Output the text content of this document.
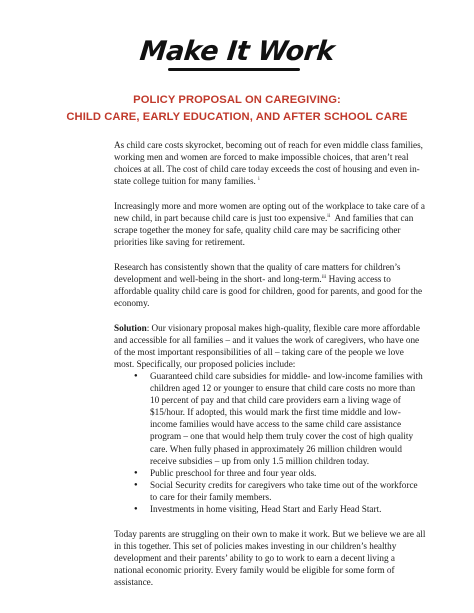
Make It Work
POLICY PROPOSAL ON CAREGIVING:
CHILD CARE, EARLY EDUCATION, AND AFTER SCHOOL CARE

As child care costs skyrocket, becoming out of reach for even middle class families, working men and women are forced to make impossible choices, that aren’t real choices at all. The cost of child care today exceeds the cost of housing and even in-state college tuition for many families. $^i$

Increasingly more and more women are opting out of the workplace to take care of a new child, in part because child care is just too expensive.$^{ii}$ And families that can scrape together the money for safe, quality child care may be sacrificing other priorities like saving for retirement.

Research has consistently shown that the quality of care matters for children’s development and well-being in the short- and long-term.$^{iii}$ Having access to affordable quality child care is good for children, good for parents, and good for the economy.

Solution: Our visionary proposal makes high-quality, flexible care more affordable and accessible for all families – and it values the work of caregivers, who have one of the most important responsibilities of all – taking care of the people we love most. Specifically, our proposed policies include:

● Guaranteed child care subsidies for middle- and low-income families with children aged 12 or younger to ensure that child care costs no more than 10 percent of pay and that child care providers earn a living wage of $15/hour. If adopted, this would mark the first time middle and low-income families would have access to the same child care assistance program – one that would help them truly cover the cost of high quality care. When fully phased in approximately 26 million children would receive subsidies – up from only 1.5 million children today.
● Public preschool for three and four year olds.
● Social Security credits for caregivers who take time out of the workforce to care for their family members.
● Investments in home visiting, Head Start and Early Head Start.

Today parents are struggling on their own to make it work. But we believe we are all in this together. This set of policies makes investing in our children’s healthy development and their parents’ ability to go to work to earn a decent living a national economic priority. Every family would be eligible for some form of assistance.
